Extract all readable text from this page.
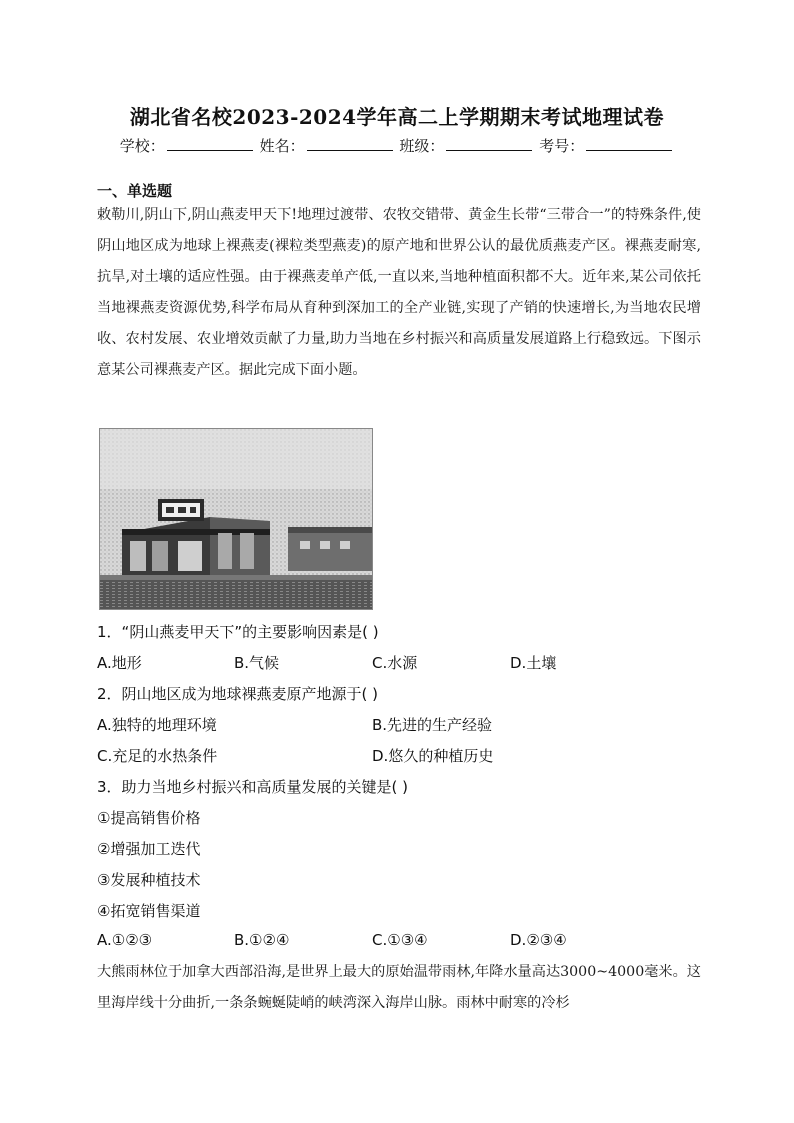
湖北省名校2023-2024学年高二上学期期末考试地理试卷
学校：	姓名：	班级：	考号：
一、单选题
敕勒川,阴山下,阴山燕麦甲天下!地理过渡带、农牧交错带、黄金生长带“三带合一”的特殊条件,使阴山地区成为地球上裸燕麦(裸粒类型燕麦)的原产地和世界公认的最优质燕麦产区。裸燕麦耐寒,抗旱,对土壤的适应性强。由于裸燕麦单产低,一直以来,当地种植面积都不大。近年来,某公司依托当地裸燕麦资源优势,科学布局从育种到深加工的全产业链,实现了产销的快速增长,为当地农民增收、农村发展、农业增效贡献了力量,助力当地在乡村振兴和高质量发展道路上行稳致远。下图示意某公司裸燕麦产区。据此完成下面小题。
1．“阴山燕麦甲天下”的主要影响因素是( )
A.地形	B.气候	C.水源	D.土壤
2．阴山地区成为地球裸燕麦原产地源于( )
A.独特的地理环境	B.先进的生产经验
C.充足的水热条件	D.悠久的种植历史
3．助力当地乡村振兴和高质量发展的关键是( )
①提高销售价格
②增强加工迭代
③发展种植技术
④拓宽销售渠道
A.①②③	B.①②④	C.①③④	D.②③④
大熊雨林位于加拿大西部沿海,是世界上最大的原始温带雨林,年降水量高达3000~4000毫米。这里海岸线十分曲折,一条条蜿蜒陡峭的峡湾深入海岸山脉。雨林中耐寒的冷杉
